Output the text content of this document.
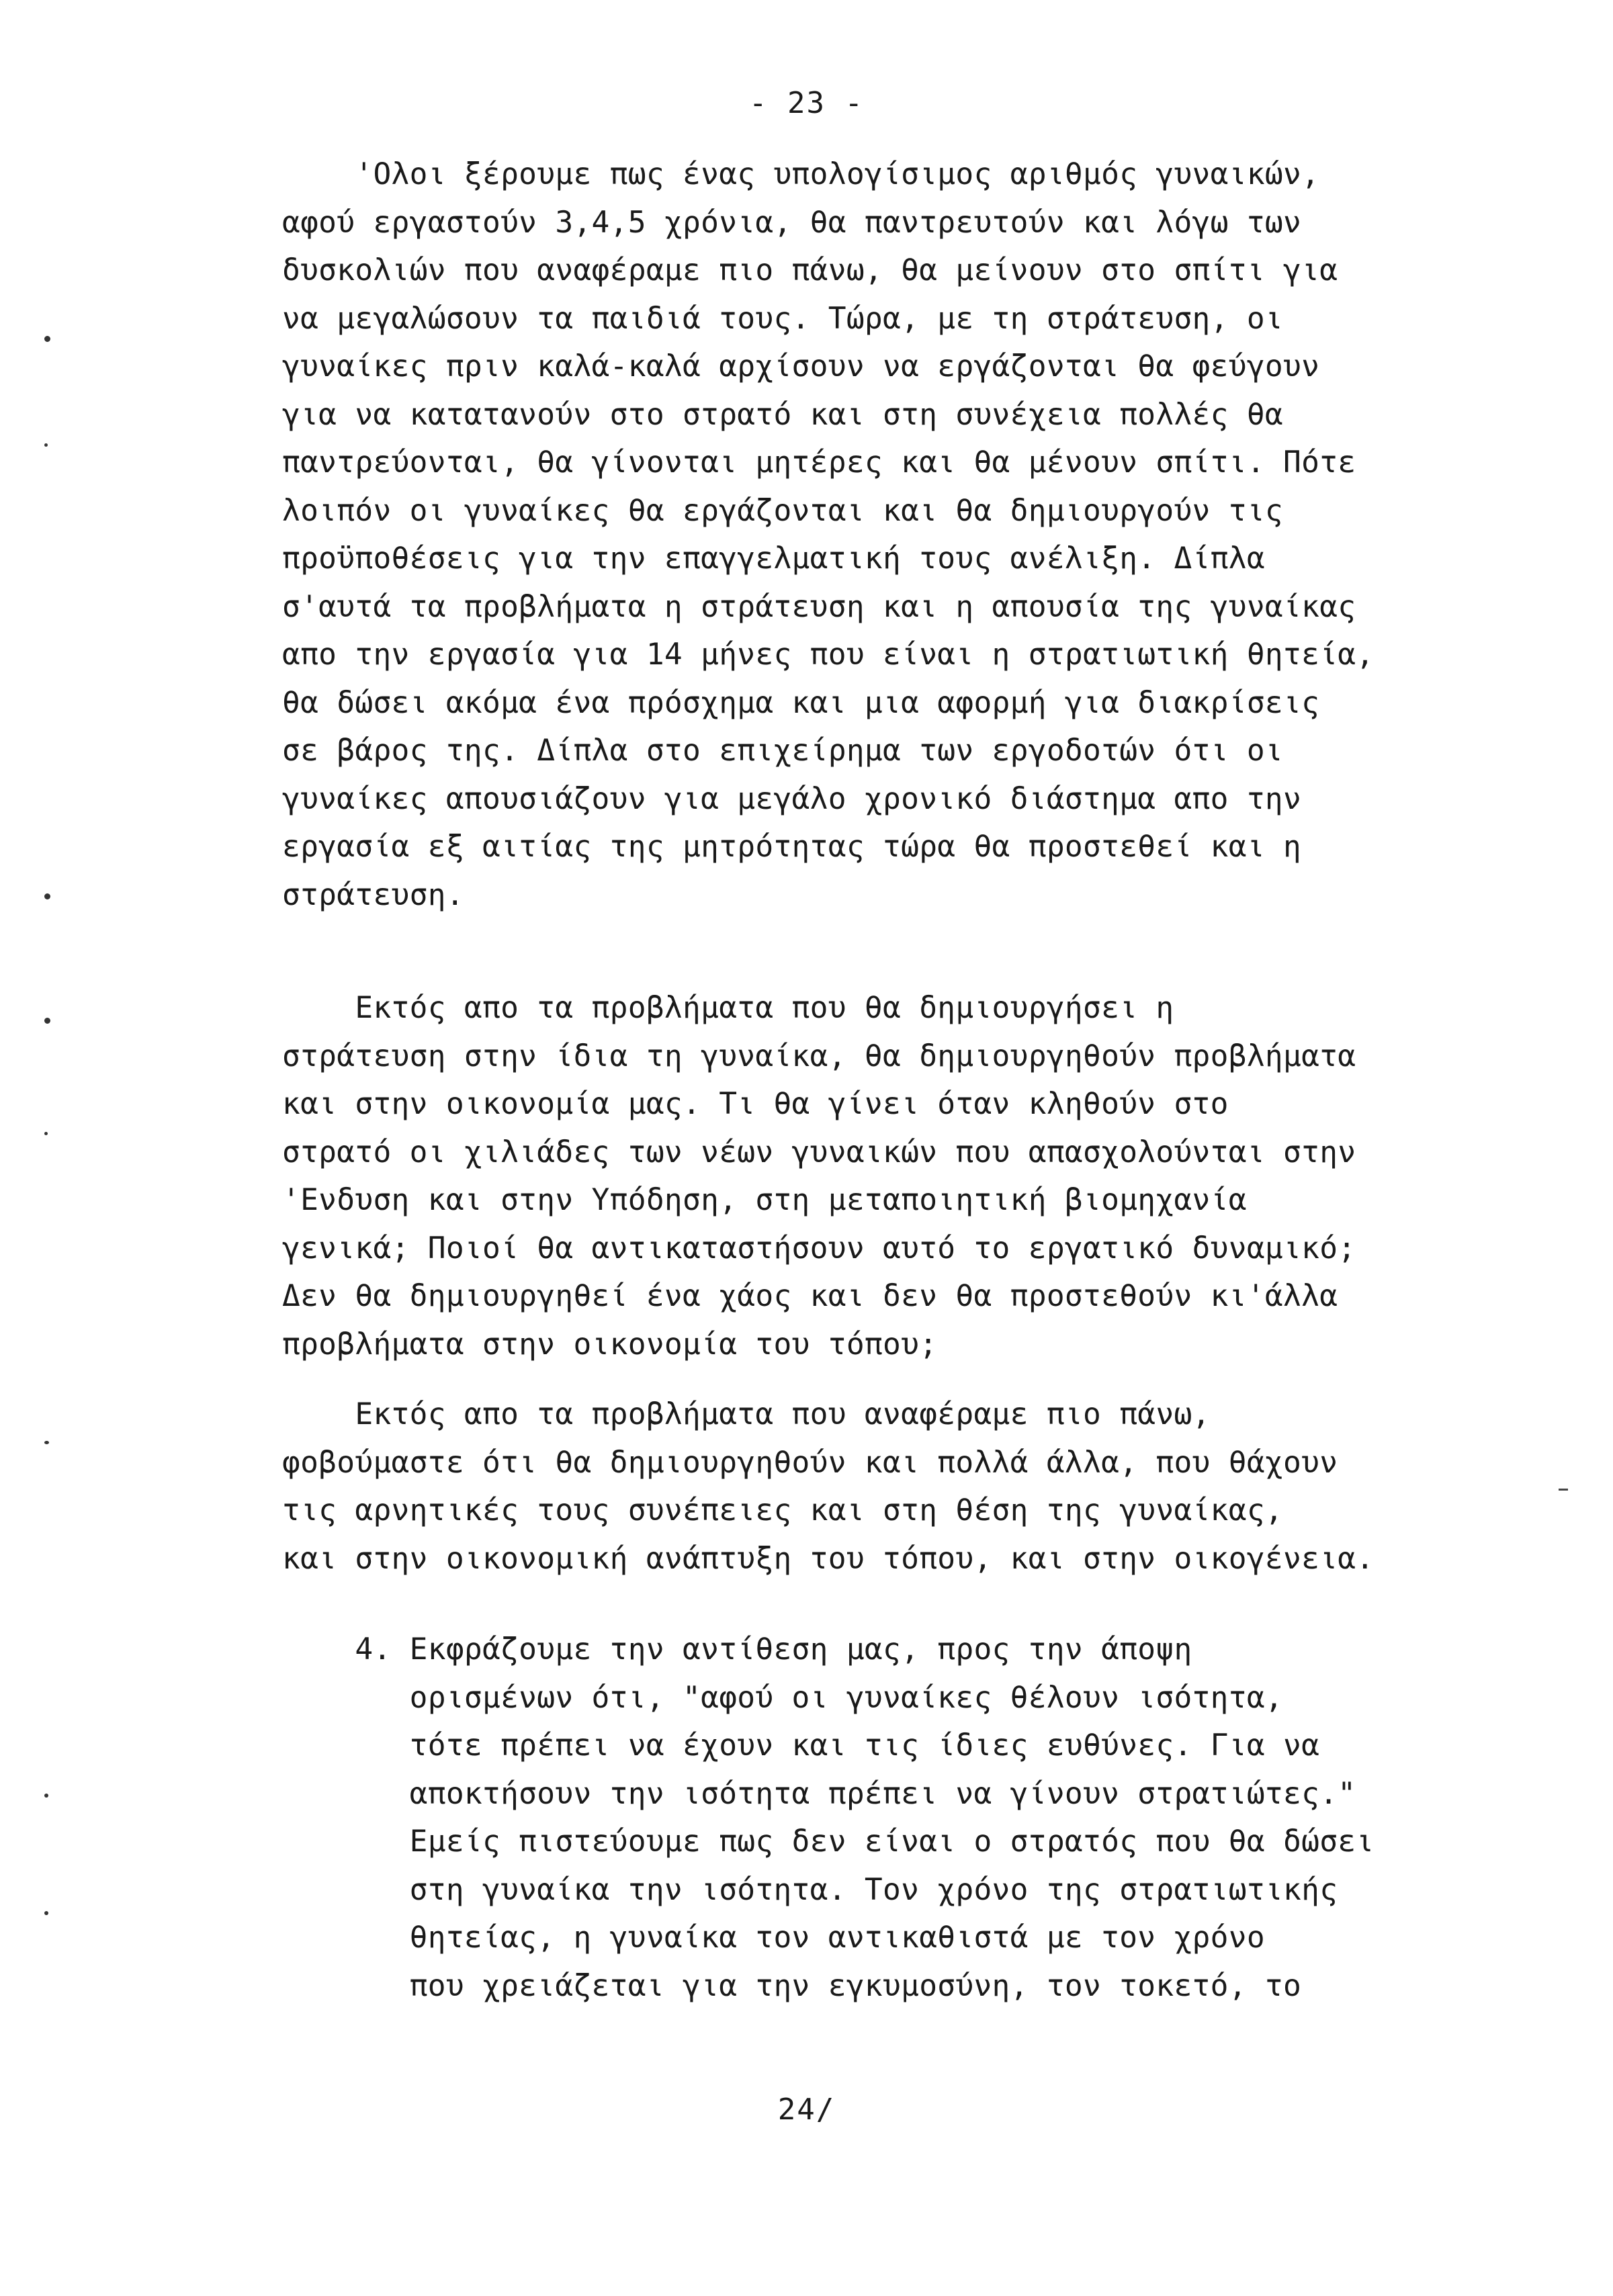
- 23 -
'Ολοι ξέρουμε πως ένας υπολογίσιμος αριθμός γυναικών,
αφού εργαστούν 3,4,5 χρόνια, θα παντρευτούν και λόγω των
δυσκολιών που αναφέραμε πιο πάνω, θα μείνουν στο σπίτι για
να μεγαλώσουν τα παιδιά τους. Τώρα, με τη στράτευση, οι
γυναίκες πριν καλά-καλά αρχίσουν να εργάζονται θα φεύγουν
για να κατατανούν στο στρατό και στη συνέχεια πολλές θα
παντρεύονται, θα γίνονται μητέρες και θα μένουν σπίτι. Πότε
λοιπόν οι γυναίκες θα εργάζονται και θα δημιουργούν τις
προϋποθέσεις για την επαγγελματική τους ανέλιξη. Δίπλα
σ'αυτά τα προβλήματα η στράτευση και η απουσία της γυναίκας
απο την εργασία για 14 μήνες που είναι η στρατιωτική θητεία,
θα δώσει ακόμα ένα πρόσχημα και μια αφορμή για διακρίσεις
σε βάρος της. Δίπλα στο επιχείρημα των εργοδοτών ότι οι
γυναίκες απουσιάζουν για μεγάλο χρονικό διάστημα απο την
εργασία εξ αιτίας της μητρότητας τώρα θα προστεθεί και η
στράτευση.
Εκτός απο τα προβλήματα που θα δημιουργήσει η
στράτευση στην ίδια τη γυναίκα, θα δημιουργηθούν προβλήματα
και στην οικονομία μας. Τι θα γίνει όταν κληθούν στο
στρατό οι χιλιάδες των νέων γυναικών που απασχολούνται στην
'Ενδυση και στην Υπόδηση, στη μεταποιητική βιομηχανία
γενικά; Ποιοί θα αντικαταστήσουν αυτό το εργατικό δυναμικό;
Δεν θα δημιουργηθεί ένα χάος και δεν θα προστεθούν κι'άλλα
προβλήματα στην οικονομία του τόπου;
Εκτός απο τα προβλήματα που αναφέραμε πιο πάνω,
φοβούμαστε ότι θα δημιουργηθούν και πολλά άλλα, που θάχουν
τις αρνητικές τους συνέπειες και στη θέση της γυναίκας,
και στην οικονομική ανάπτυξη του τόπου, και στην οικογένεια.
4. Εκφράζουμε την αντίθεση μας, προς την άποψη
ορισμένων ότι, "αφού οι γυναίκες θέλουν ισότητα,
τότε πρέπει να έχουν και τις ίδιες ευθύνες. Για να
αποκτήσουν την ισότητα πρέπει να γίνουν στρατιώτες."
Εμείς πιστεύουμε πως δεν είναι ο στρατός που θα δώσει
στη γυναίκα την ισότητα. Τον χρόνο της στρατιωτικής
θητείας, η γυναίκα τον αντικαθιστά με τον χρόνο
που χρειάζεται για την εγκυμοσύνη, τον τοκετό, το
24/
